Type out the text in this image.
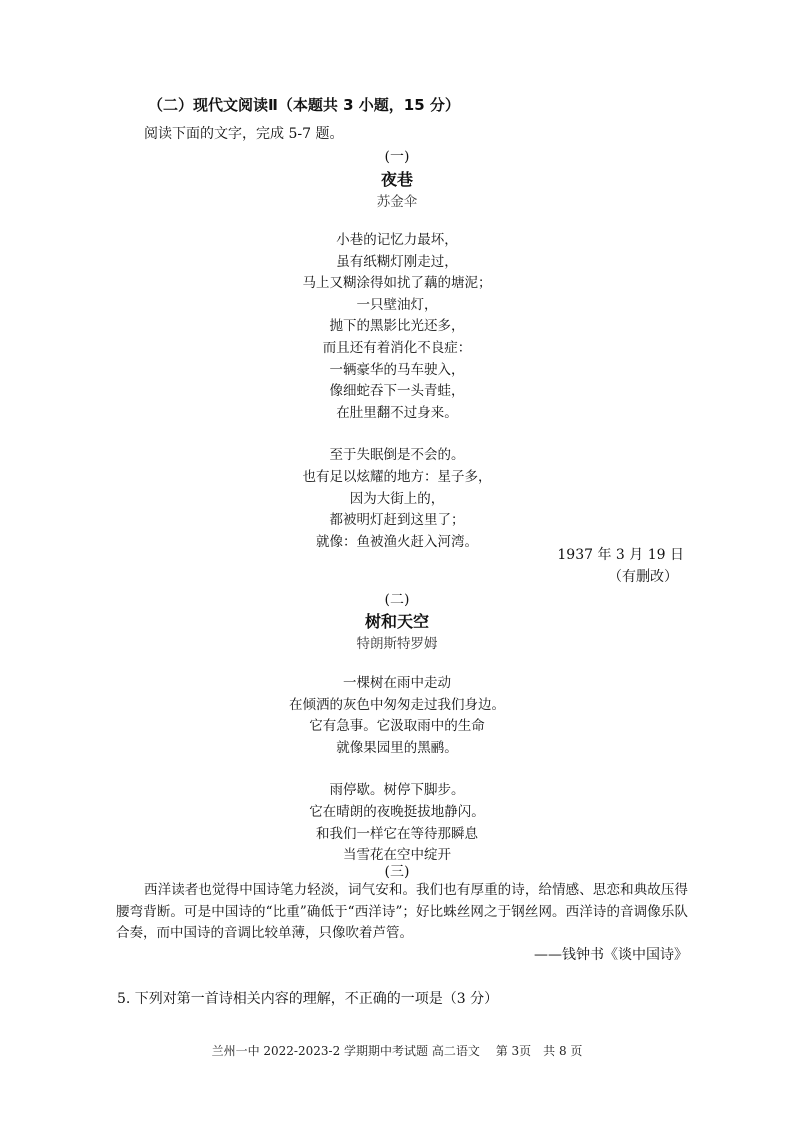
（二）现代文阅读Ⅱ（本题共 3 小题，15 分）
阅读下面的文字，完成 5-7 题。
(一)
夜巷
苏金伞
小巷的记忆力最坏，
虽有纸糊灯刚走过，
马上又糊涂得如扰了藕的塘泥；
一只壁油灯，
抛下的黑影比光还多，
而且还有着消化不良症：
一辆豪华的马车驶入，
像细蛇吞下一头青蛙，
在肚里翻不过身来。
至于失眠倒是不会的。
也有足以炫耀的地方：星子多，
因为大街上的，
都被明灯赶到这里了；
就像：鱼被渔火赶入河湾。
1937 年 3 月 19 日
（有删改）
(二)
树和天空
特朗斯特罗姆
一棵树在雨中走动
在倾洒的灰色中匆匆走过我们身边。
它有急事。它汲取雨中的生命
就像果园里的黑鹂。
雨停歇。树停下脚步。
它在晴朗的夜晚挺拔地静闪。
和我们一样它在等待那瞬息
当雪花在空中绽开
(三)

西洋读者也觉得中国诗笔力轻淡，词气安和。我们也有厚重的诗，给情感、思恋和典故压得腰弯背断。可是中国诗的“比重”确低于“西洋诗”；好比蛛丝网之于钢丝网。西洋诗的音调像乐队合奏，而中国诗的音调比较单薄，只像吹着芦管。

——钱钟书《谈中国诗》
5. 下列对第一首诗相关内容的理解，不正确的一项是（3 分）
兰州一中 2022-2023-2 学期期中考试题 高二语文 第 3页　共 8 页
